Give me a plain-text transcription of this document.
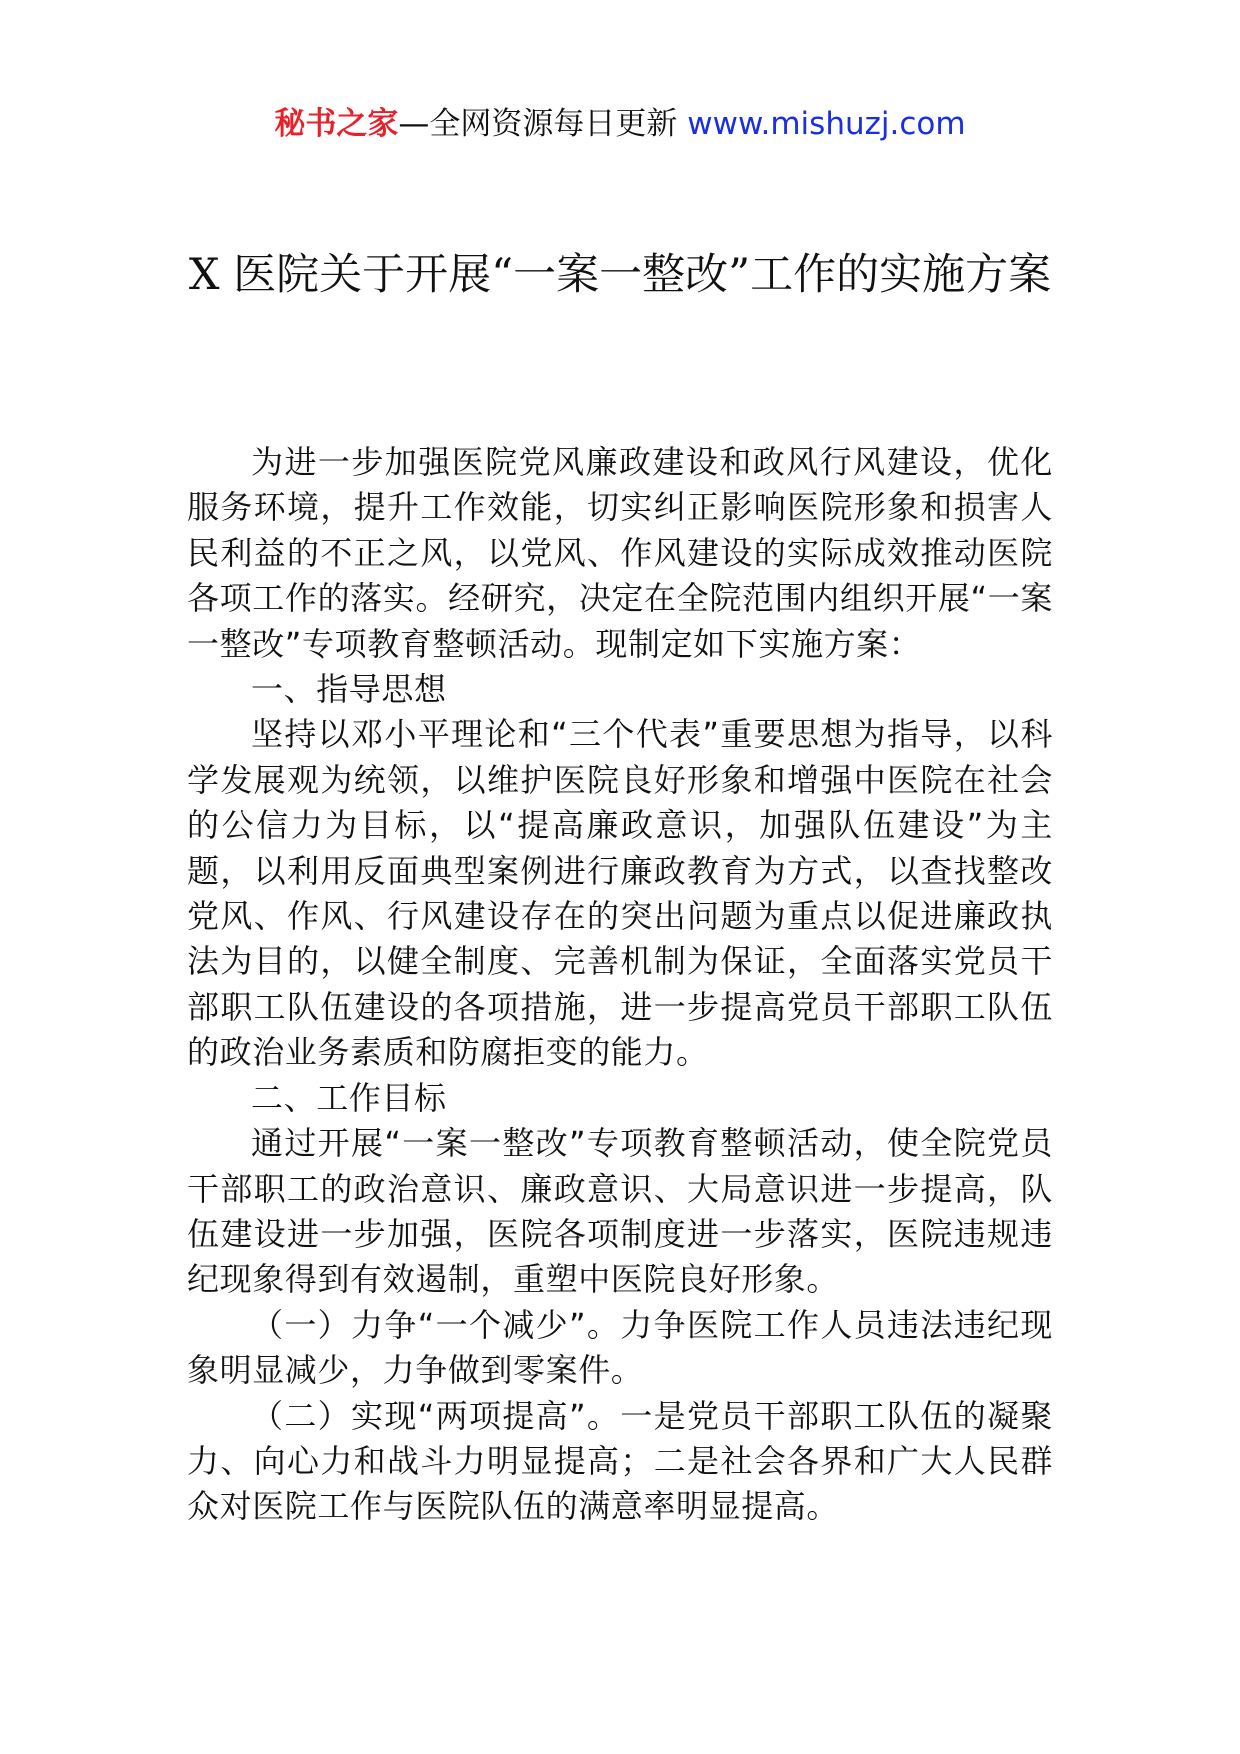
秘书之家—全网资源每日更新 www.mishuzj.com
X 医院关于开展“一案一整改”工作的实施方案

为进一步加强医院党风廉政建设和政风行风建设，优化服务环境，提升工作效能，切实纠正影响医院形象和损害人民利益的不正之风，以党风、作风建设的实际成效推动医院各项工作的落实。经研究，决定在全院范围内组织开展“一案一整改”专项教育整顿活动。现制定如下实施方案：

一、指导思想

坚持以邓小平理论和“三个代表”重要思想为指导，以科学发展观为统领，以维护医院良好形象和增强中医院在社会的公信力为目标，以“提高廉政意识，加强队伍建设”为主题，以利用反面典型案例进行廉政教育为方式，以查找整改党风、作风、行风建设存在的突出问题为重点以促进廉政执法为目的，以健全制度、完善机制为保证，全面落实党员干部职工队伍建设的各项措施，进一步提高党员干部职工队伍的政治业务素质和防腐拒变的能力。

二、工作目标

通过开展“一案一整改”专项教育整顿活动，使全院党员干部职工的政治意识、廉政意识、大局意识进一步提高，队伍建设进一步加强，医院各项制度进一步落实，医院违规违纪现象得到有效遏制，重塑中医院良好形象。

（一）力争“一个减少”。力争医院工作人员违法违纪现象明显减少，力争做到零案件。

（二）实现“两项提高”。一是党员干部职工队伍的凝聚力、向心力和战斗力明显提高；二是社会各界和广大人民群众对医院工作与医院队伍的满意率明显提高。
